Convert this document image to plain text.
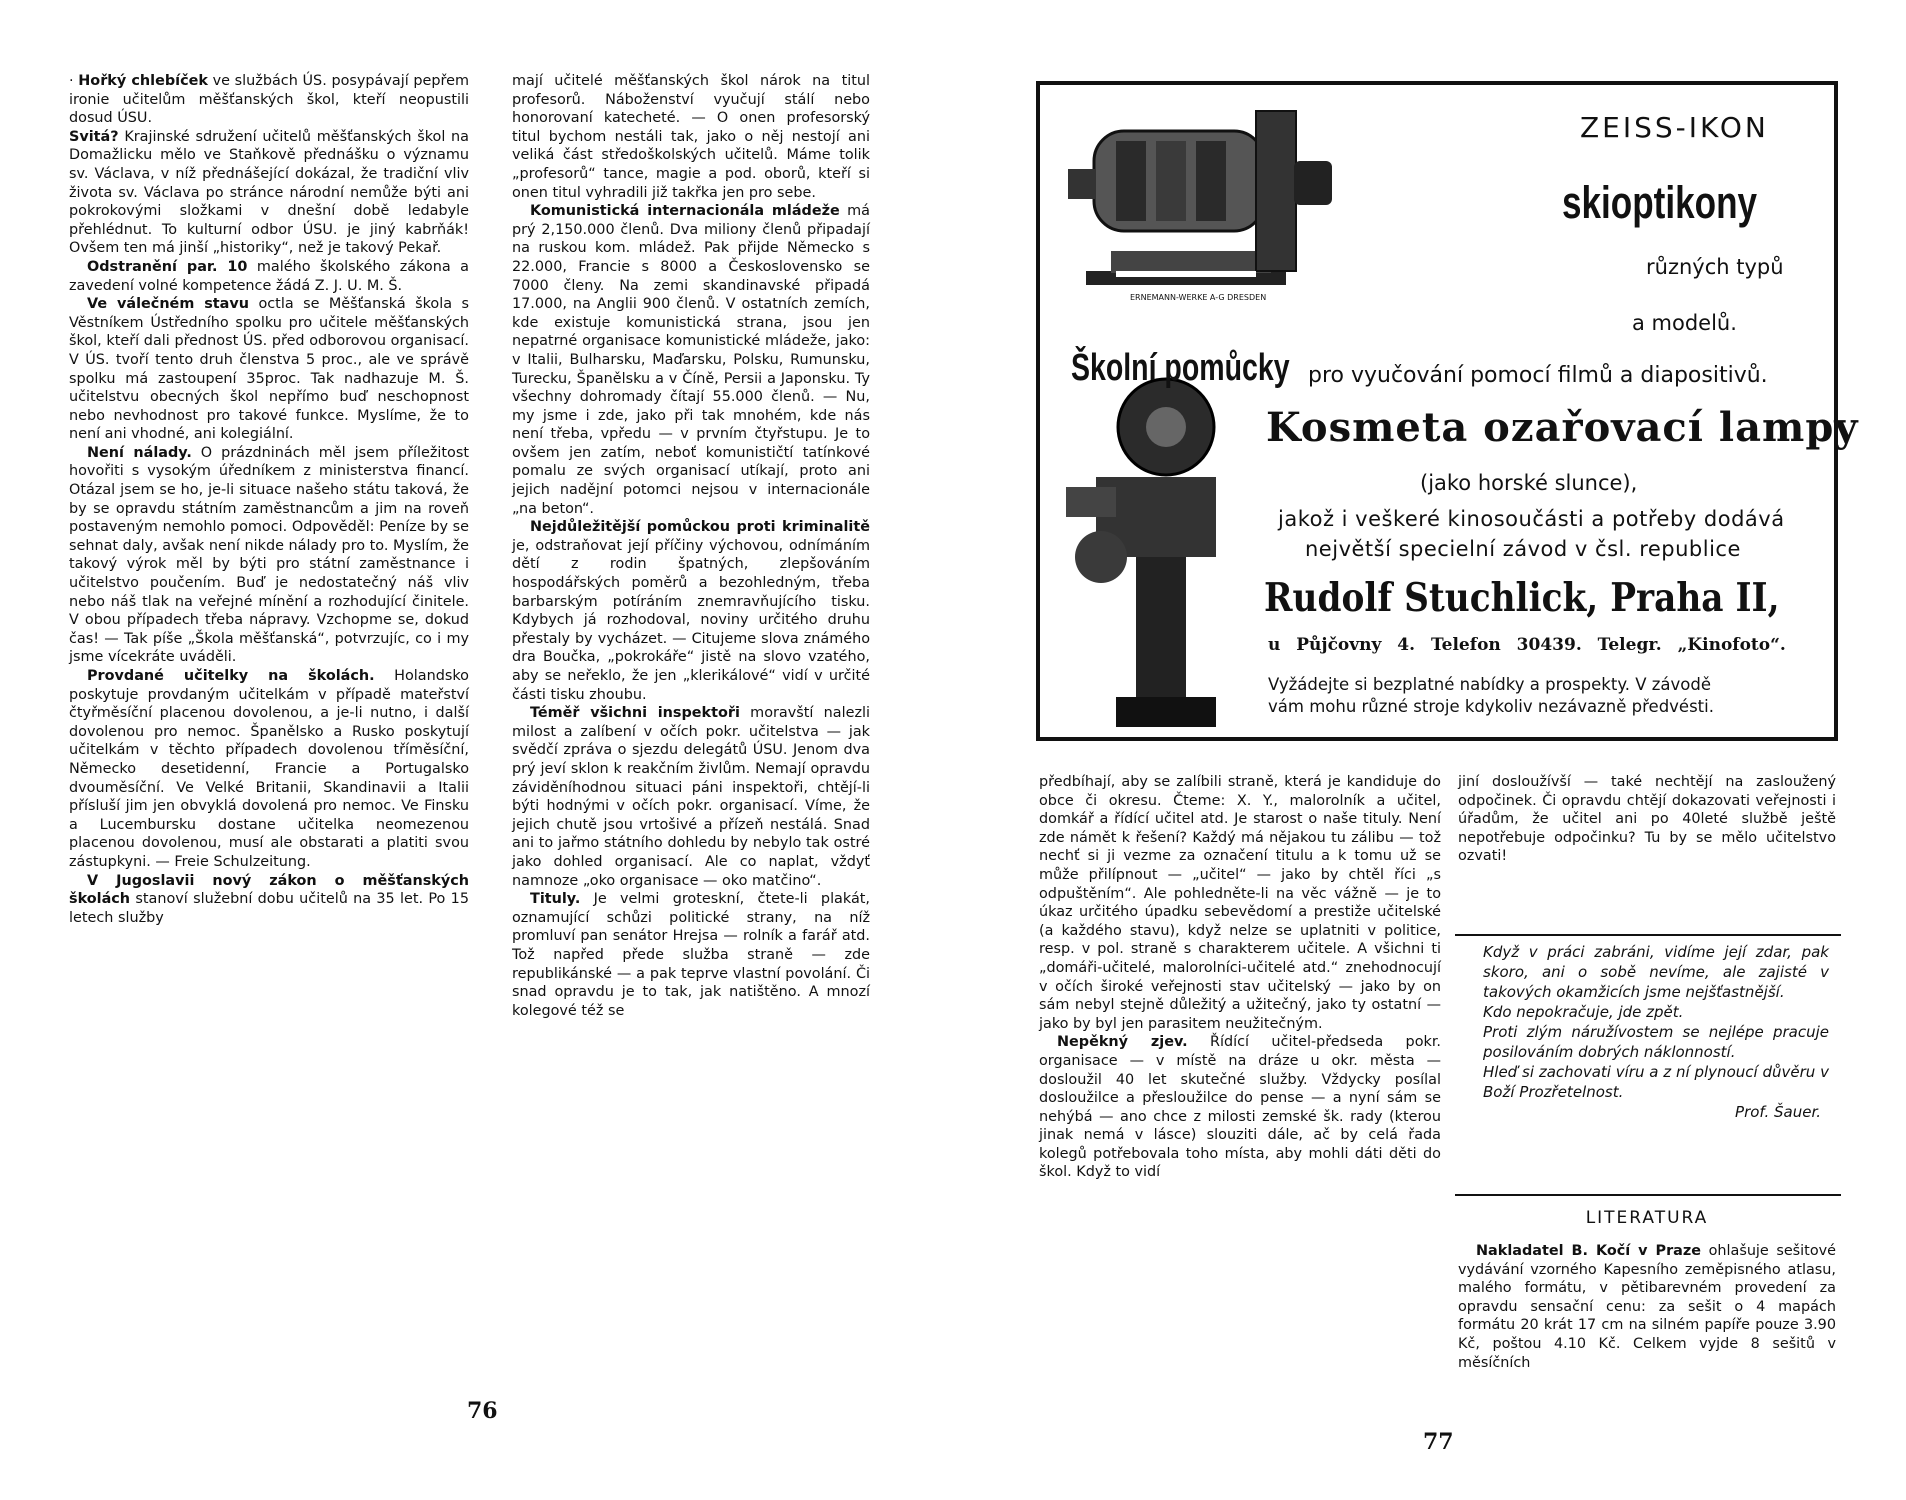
· Hořký chlebíček ve službách ÚS. posypávají pepřem ironie učitelům měšťanských škol, kteří neopustili dosud ÚSU.

Svitá? Krajinské sdružení učitelů měšťanských škol na Domažlicku mělo ve Staňkově přednášku o významu sv. Václava, v níž přednášející dokázal, že tradiční vliv života sv. Václava po stránce národní nemůže býti ani pokrokovými složkami v dnešní době ledabyle přehlédnut. To kulturní odbor ÚSU. je jiný kabrňák! Ovšem ten má jinší „historiky“, než je takový Pekař.

Odstranění par. 10 malého školského zákona a zavedení volné kompetence žádá Z. J. U. M. Š.

Ve válečném stavu octla se Měšťanská škola s Věstníkem Ústředního spolku pro učitele měšťanských škol, kteří dali přednost ÚS. před odborovou organisací. V ÚS. tvoří tento druh členstva 5 proc., ale ve správě spolku má zastoupení 35proc. Tak nadhazuje M. Š. učitelstvu obecných škol nepřímo buď neschopnost nebo nevhodnost pro takové funkce. Myslíme, že to není ani vhodné, ani kolegiální.

Není nálady. O prázdninách měl jsem příležitost hovořiti s vysokým úředníkem z ministerstva financí. Otázal jsem se ho, je-li situace našeho státu taková, že by se opravdu státním zaměstnancům a jim na roveň postaveným nemohlo pomoci. Odpověděl: Peníze by se sehnat daly, avšak není nikde nálady pro to. Myslím, že takový výrok měl by býti pro státní zaměstnance i učitelstvo poučením. Buď je nedostatečný náš vliv nebo náš tlak na veřejné mínění a rozhodující činitele. V obou případech třeba nápravy. Vzchopme se, dokud čas! — Tak píše „Škola měšťanská“, potvrzujíc, co i my jsme vícekráte uváděli.

Provdané učitelky na školách. Holandsko poskytuje provdaným učitelkám v případě mateřství čtyřměsíční placenou dovolenou, a je-li nutno, i další dovolenou pro nemoc. Španělsko a Rusko poskytují učitelkám v těchto případech dovolenou tříměsíční, Německo desetidenní, Francie a Portugalsko dvouměsíční. Ve Velké Britanii, Skandinavii a Italii přísluší jim jen obvyklá dovolená pro nemoc. Ve Finsku a Lucembursku dostane učitelka neomezenou placenou dovolenou, musí ale obstarati a platiti svou zástupkyni. — Freie Schulzeitung.

V Jugoslavii nový zákon o měšťanských školách stanoví služební dobu učitelů na 35 let. Po 15 letech služby

mají učitelé měšťanských škol nárok na titul profesorů. Náboženství vyučují stálí nebo honorovaní katecheté. — O onen profesorský titul bychom nestáli tak, jako o něj nestojí ani veliká část středoškolských učitelů. Máme tolik „profesorů“ tance, magie a pod. oborů, kteří si onen titul vyhradili již takřka jen pro sebe.

Komunistická internacionála mládeže má prý 2,150.000 členů. Dva miliony členů připadají na ruskou kom. mládež. Pak přijde Německo s 22.000, Francie s 8000 a Československo se 7000 členy. Na zemi skandinavské připadá 17.000, na Anglii 900 členů. V ostatních zemích, kde existuje komunistická strana, jsou jen nepatrné organisace komunistické mládeže, jako: v Italii, Bulharsku, Maďarsku, Polsku, Rumunsku, Turecku, Španělsku a v Číně, Persii a Japonsku. Ty všechny dohromady čítají 55.000 členů. — Nu, my jsme i zde, jako při tak mnohém, kde nás není třeba, vpředu — v prvním čtyřstupu. Je to ovšem jen zatím, neboť komunističtí tatínkové pomalu ze svých organisací utíkají, proto ani jejich nadějní potomci nejsou v internacionále „na beton“.

Nejdůležitější pomůckou proti kriminalitě je, odstraňovat její příčiny výchovou, odnímáním dětí z rodin špatných, zlepšováním hospodářských poměrů a bezohledným, třeba barbarským potíráním znemravňujícího tisku. Kdybych já rozhodoval, noviny určitého druhu přestaly by vycházet. — Citujeme slova známého dra Boučka, „pokrokáře“ jistě na slovo vzatého, aby se neřeklo, že jen „klerikálové“ vidí v určité části tisku zhoubu.

Téměř všichni inspektoři moravští nalezli milost a zalíbení v očích pokr. učitelstva — jak svědčí zpráva o sjezdu delegátů ÚSU. Jenom dva prý jeví sklon k reakčním živlům. Nemají opravdu záviděníhodnou situaci páni inspektoři, chtějí-li býti hodnými v očích pokr. organisací. Víme, že jejich chutě jsou vrtošivé a přízeň nestálá. Snad ani to jařmo státního dohledu by nebylo tak ostré jako dohled organisací. Ale co naplat, vždyť namnoze „oko organisace — oko matčino“.

Tituly. Je velmi groteskní, čtete-li plakát, oznamující schůzi politické strany, na níž promluví pan senátor Hrejsa — rolník a farář atd. Tož napřed přede služba straně — zde republikánské — a pak teprve vlastní povolání. Či snad opravdu je to tak, jak natištěno. A mnozí kolegové též se

76
ERNEMANN-WERKE A-G DRESDEN
ZEISS-IKON
skioptikony
různých typů
a modelů.
Školní pomůcky pro vyučování pomocí filmů a diapositivů.
Kosmeta ozařovací lampy
(jako horské slunce),
jakož i veškeré kinosoučásti a potřeby dodává
největší specielní závod v čsl. republice
Rudolf Stuchlick, Praha II,
u Půjčovny 4. Telefon 30439. Telegr. „Kinofoto“.
Vyžádejte si bezplatné nabídky a prospekty. V závodě
vám mohu různé stroje kdykoliv nezávazně předvésti.

předbíhají, aby se zalíbili straně, která je kandiduje do obce či okresu. Čteme: X. Y., malorolník a učitel, domkář a řídící učitel atd. Je starost o naše tituly. Není zde námět k řešení? Každý má nějakou tu zálibu — tož nechť si ji vezme za označení titulu a k tomu už se může přilípnout — „učitel“ — jako by chtěl říci „s odpuštěním“. Ale pohledněte-li na věc vážně — je to úkaz určitého úpadku sebevědomí a prestiže učitelské (a každého stavu), když nelze se uplatniti v politice, resp. v pol. straně s charakterem učitele. A všichni ti „domáři-učitelé, malorolníci-učitelé atd.“ znehodnocují v očích široké veřejnosti stav učitelský — jako by on sám nebyl stejně důležitý a užitečný, jako ty ostatní — jako by byl jen parasitem neužitečným.

Nepěkný zjev. Řídící učitel-předseda pokr. organisace — v místě na dráze u okr. města — dosloužil 40 let skutečné služby. Vždycky posílal dosloužilce a přesloužilce do pense — a nyní sám se nehýbá — ano chce z milosti zemské šk. rady (kterou jinak nemá v lásce) slouziti dále, ač by celá řada kolegů potřebovala toho místa, aby mohli dáti děti do škol. Když to vidí

jiní dosloužívší — také nechtějí na zasloužený odpočinek. Či opravdu chtějí dokazovati veřejnosti i úřadům, že učitel ani po 40leté službě ještě nepotřebuje odpočinku? Tu by se mělo učitelstvo ozvati!

Když v práci zabráni, vidíme její zdar, pak skoro, ani o sobě nevíme, ale zajisté v takových okamžicích jsme nejšťastnější.

Kdo nepokračuje, jde zpět.

Proti zlým náružívostem se nejlépe pracuje posilováním dobrých náklonností.

Hleď si zachovati víru a z ní plynoucí důvěru v Boží Prozřetelnost.

Prof. Šauer.

LITERATURA

Nakladatel B. Kočí v Praze ohlašuje sešitové vydávání vzorného Kapesního zeměpisného atlasu, malého formátu, v pětibarevném provedení za opravdu sensační cenu: za sešit o 4 mapách formátu 20 krát 17 cm na silném papíře pouze 3.90 Kč, poštou 4.10 Kč. Celkem vyjde 8 sešitů v měsíčních

77
